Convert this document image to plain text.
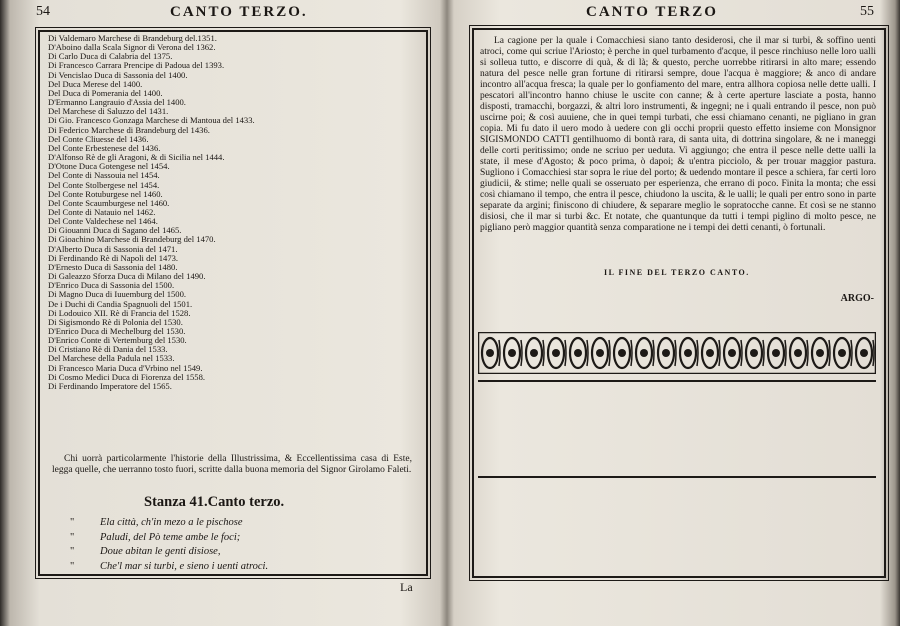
54	CANTO TERZO.
Di Valdemaro Marchese di Brandeburg del.1351.
D'Aboino dalla Scala Signor di Verona del 1362.
Di Carlo Duca di Calabria del 1375.
Di Francesco Carrara Prencipe di Padoua del 1393.
Di Vencislao Duca di Sassonia del 1400.
Del Duca Merese del 1400.
Del Duca di Pomerania del 1400.
D'Ermanno Langrauio d'Assia del 1400.
Del Marchese di Saluzzo del 1431.
Di Gio. Francesco Gonzaga Marchese di Mantoua del 1433.
Di Federico Marchese di Brandeburg del 1436.
Del Conte Cliuesse del 1436.
Del Conte Erbestenese del 1436.
D'Alfonso Rè de gli Aragoni, & di Sicilia nel 1444.
D'Otone Duca Gotengese nel 1454.
Del Conte di Nassouia nel 1454.
Del Conte Stolbergese nel 1454.
Del Conte Rotuburgese nel 1460.
Del Conte Scaumburgese nel 1460.
Del Conte di Natauio nel 1462.
Del Conte Valdechese nel 1464.
Di Giouanni Duca di Sagano del 1465.
Di Gioachino Marchese di Brandeburg del 1470.
D'Alberto Duca di Sassonia del 1471.
Di Ferdinando Rè di Napoli del 1473.
D'Ernesto Duca di Sassonia del 1480.
Di Galeazzo Sforza Duca di Milano del 1490.
D'Enrico Duca di Sassonia del 1500.
Di Magno Duca di Iuuemburg del 1500.
De i Duchi di Candia Spagnuoli del 1501.
Di Lodouico XII. Rè di Francia del 1528.
Di Sigismondo Rè di Polonia del 1530.
D'Enrico Duca di Mechelburg del 1530.
D'Enrico Conte di Vertemburg del 1530.
Di Cristiano Rè di Dania del 1533.
Del Marchese della Padula nel 1533.
Di Francesco Maria Duca d'Vrbino nel 1549.
Di Cosmo Medici Duca di Fiorenza del 1558.
Di Ferdinando Imperatore del 1565.
Chi uorrà particolarmente l'historie della Illustrissima, & Eccellentissima casa di Este, legga quelle, che uerranno tosto fuori, scritte dalla buona memoria del Signor Girolamo Faleti.
Stanza 41.Canto terzo.
"	Ela città, ch'in mezo a le pischose
"	Paludi, del Pò teme ambe le foci;
"	Doue abitan le genti disiose,
"	Che'l mar si turbi, e sieno i uenti atroci.
La
CANTO TERZO	55
La cagione per la quale i Comacchiesi siano tanto desiderosi, che il mar si turbi, & soffino uenti atroci, come qui scriue l'Ariosto; è perche in quel turbamento d'acque, il pesce rinchiuso nelle loro ualli si solleua tutto, e discorre di quà, & di là; & questo, perche uorrebbe ritirarsi in alto mare; essendo natura del pesce nelle gran fortune di ritirarsi sempre, doue l'acqua è maggiore; & anco di andare incontro all'acqua fresca; la quale per lo gonfiamento del mare, entra allhora copiosa nelle dette ualli. I pescatori all'incontro hanno chiuse le uscite con canne; & à certe aperture lasciate a posta, hanno disposti, tramacchi, borgazzi, & altri loro instrumenti, & ingegni; ne i quali entrando il pesce, non può uscirne poi; & così auuiene, che in quei tempi turbati, che essi chiamano cenanti, ne pigliano in gran copia. Mi fu dato il uero modo à uedere con gli occhi proprii questo effetto insieme con Monsignor SIGISMONDO CATTI gentilhuomo di bontà rara, di santa uita, di dottrina singolare, & ne i maneggi delle corti peritissimo; onde ne scriuo per ueduta. Vi aggiungo; che entra il pesce nelle dette ualli la state, il mese d'Agosto; & poco prima, ò dapoi; & u'entra picciolo, & per trouar maggior pastura. Sugliono i Comacchiesi star sopra le riue del porto; & uedendo montare il pesce a schiera, far certi loro giudicii, & stime; nelle quali se osseruato per esperienza, che errano di poco. Finita la monta; che essi così chiamano il tempo, che entra il pesce, chiudono la uscita, & le ualli; le quali per entro sono in parte separate da argini; finiscono di chiudere, & separare meglio le sopratocche canne. Et così se ne stanno disiosi, che il mar si turbi &c. Et notate, che quantunque da tutti i tempi piglino di molto pesce, ne pigliano però maggior quantità senza comparatione ne i tempi dei detti cenanti, ò fortunali.
IL FINE DEL TERZO CANTO.
ARGO-
